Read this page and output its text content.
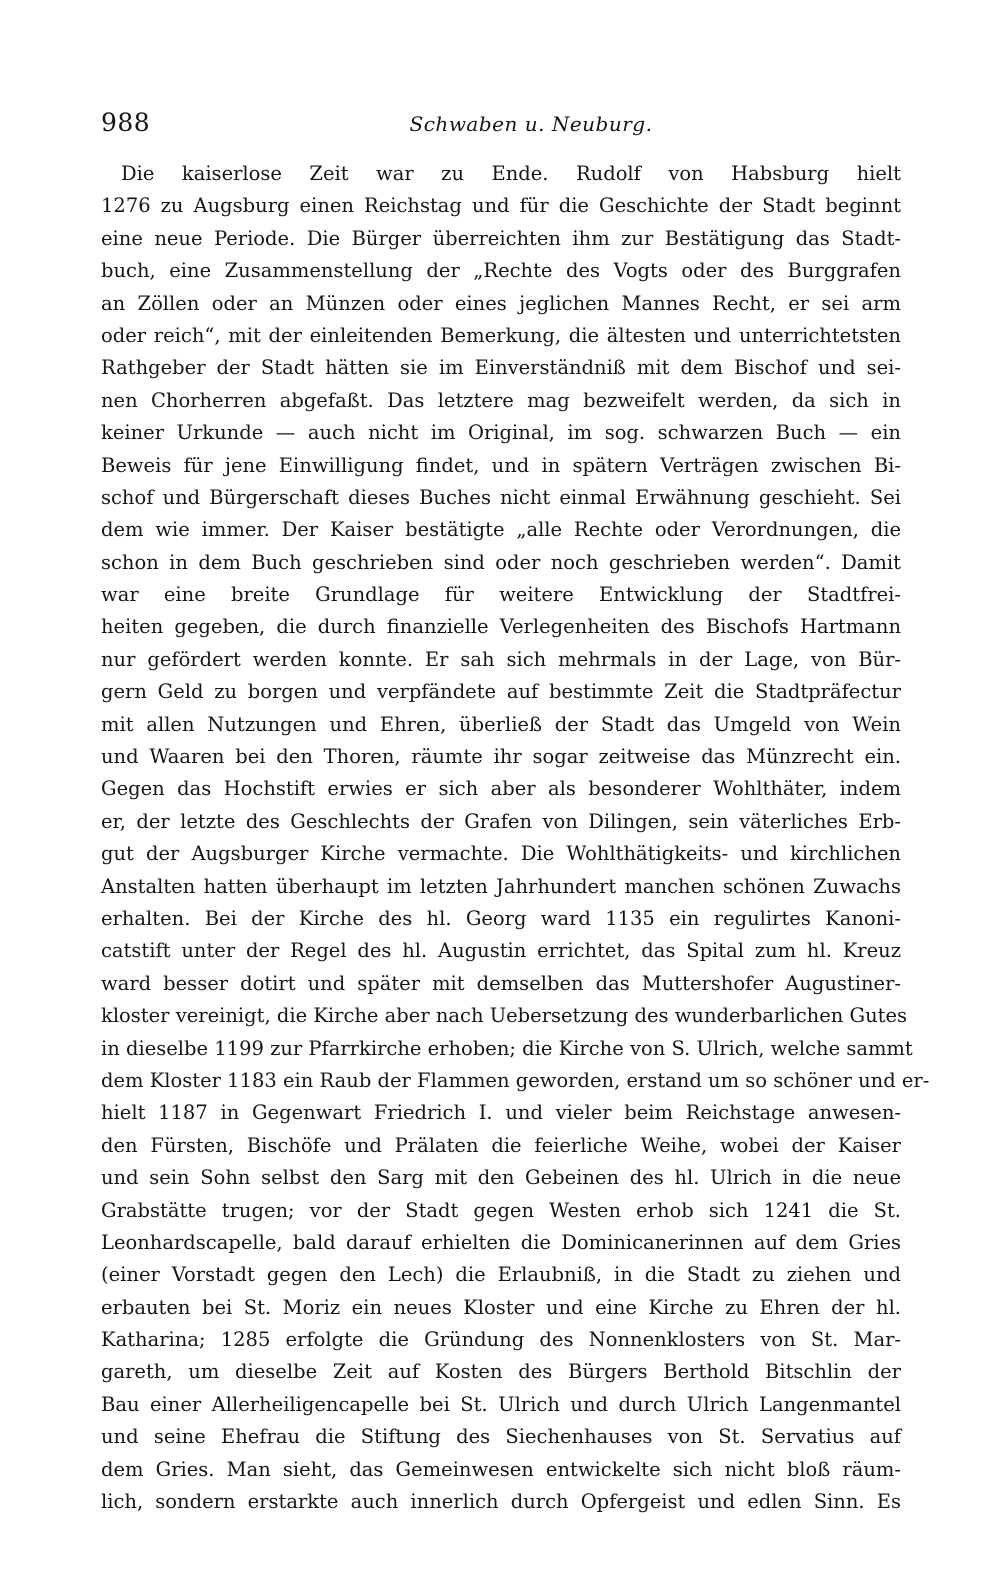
988	Schwaben u. Neuburg.
Die kaiserlose Zeit war zu Ende. Rudolf von Habsburg hielt
1276 zu Augsburg einen Reichstag und für die Geschichte der Stadt beginnt
eine neue Periode. Die Bürger überreichten ihm zur Bestätigung das Stadt-
buch, eine Zusammenstellung der „Rechte des Vogts oder des Burggrafen
an Zöllen oder an Münzen oder eines jeglichen Mannes Recht, er sei arm
oder reich“, mit der einleitenden Bemerkung, die ältesten und unterrichtetsten
Rathgeber der Stadt hätten sie im Einverständniß mit dem Bischof und sei-
nen Chorherren abgefaßt. Das letztere mag bezweifelt werden, da sich in
keiner Urkunde — auch nicht im Original, im sog. schwarzen Buch — ein
Beweis für jene Einwilligung findet, und in spätern Verträgen zwischen Bi-
schof und Bürgerschaft dieses Buches nicht einmal Erwähnung geschieht. Sei
dem wie immer. Der Kaiser bestätigte „alle Rechte oder Verordnungen, die
schon in dem Buch geschrieben sind oder noch geschrieben werden“. Damit
war eine breite Grundlage für weitere Entwicklung der Stadtfrei-
heiten gegeben, die durch finanzielle Verlegenheiten des Bischofs Hartmann
nur gefördert werden konnte. Er sah sich mehrmals in der Lage, von Bür-
gern Geld zu borgen und verpfändete auf bestimmte Zeit die Stadtpräfectur
mit allen Nutzungen und Ehren, überließ der Stadt das Umgeld von Wein
und Waaren bei den Thoren, räumte ihr sogar zeitweise das Münzrecht ein.
Gegen das Hochstift erwies er sich aber als besonderer Wohlthäter, indem
er, der letzte des Geschlechts der Grafen von Dilingen, sein väterliches Erb-
gut der Augsburger Kirche vermachte. Die Wohlthätigkeits- und kirchlichen
Anstalten hatten überhaupt im letzten Jahrhundert manchen schönen Zuwachs
erhalten. Bei der Kirche des hl. Georg ward 1135 ein regulirtes Kanoni-
catstift unter der Regel des hl. Augustin errichtet, das Spital zum hl. Kreuz
ward besser dotirt und später mit demselben das Muttershofer Augustiner-
kloster vereinigt, die Kirche aber nach Uebersetzung des wunderbarlichen Gutes
in dieselbe 1199 zur Pfarrkirche erhoben; die Kirche von S. Ulrich, welche sammt
dem Kloster 1183 ein Raub der Flammen geworden, erstand um so schöner und er-
hielt 1187 in Gegenwart Friedrich I. und vieler beim Reichstage anwesen-
den Fürsten, Bischöfe und Prälaten die feierliche Weihe, wobei der Kaiser
und sein Sohn selbst den Sarg mit den Gebeinen des hl. Ulrich in die neue
Grabstätte trugen; vor der Stadt gegen Westen erhob sich 1241 die St.
Leonhardscapelle, bald darauf erhielten die Dominicanerinnen auf dem Gries
(einer Vorstadt gegen den Lech) die Erlaubniß, in die Stadt zu ziehen und
erbauten bei St. Moriz ein neues Kloster und eine Kirche zu Ehren der hl.
Katharina; 1285 erfolgte die Gründung des Nonnenklosters von St. Mar-
gareth, um dieselbe Zeit auf Kosten des Bürgers Berthold Bitschlin der
Bau einer Allerheiligencapelle bei St. Ulrich und durch Ulrich Langenmantel
und seine Ehefrau die Stiftung des Siechenhauses von St. Servatius auf
dem Gries. Man sieht, das Gemeinwesen entwickelte sich nicht bloß räum-
lich, sondern erstarkte auch innerlich durch Opfergeist und edlen Sinn. Es
